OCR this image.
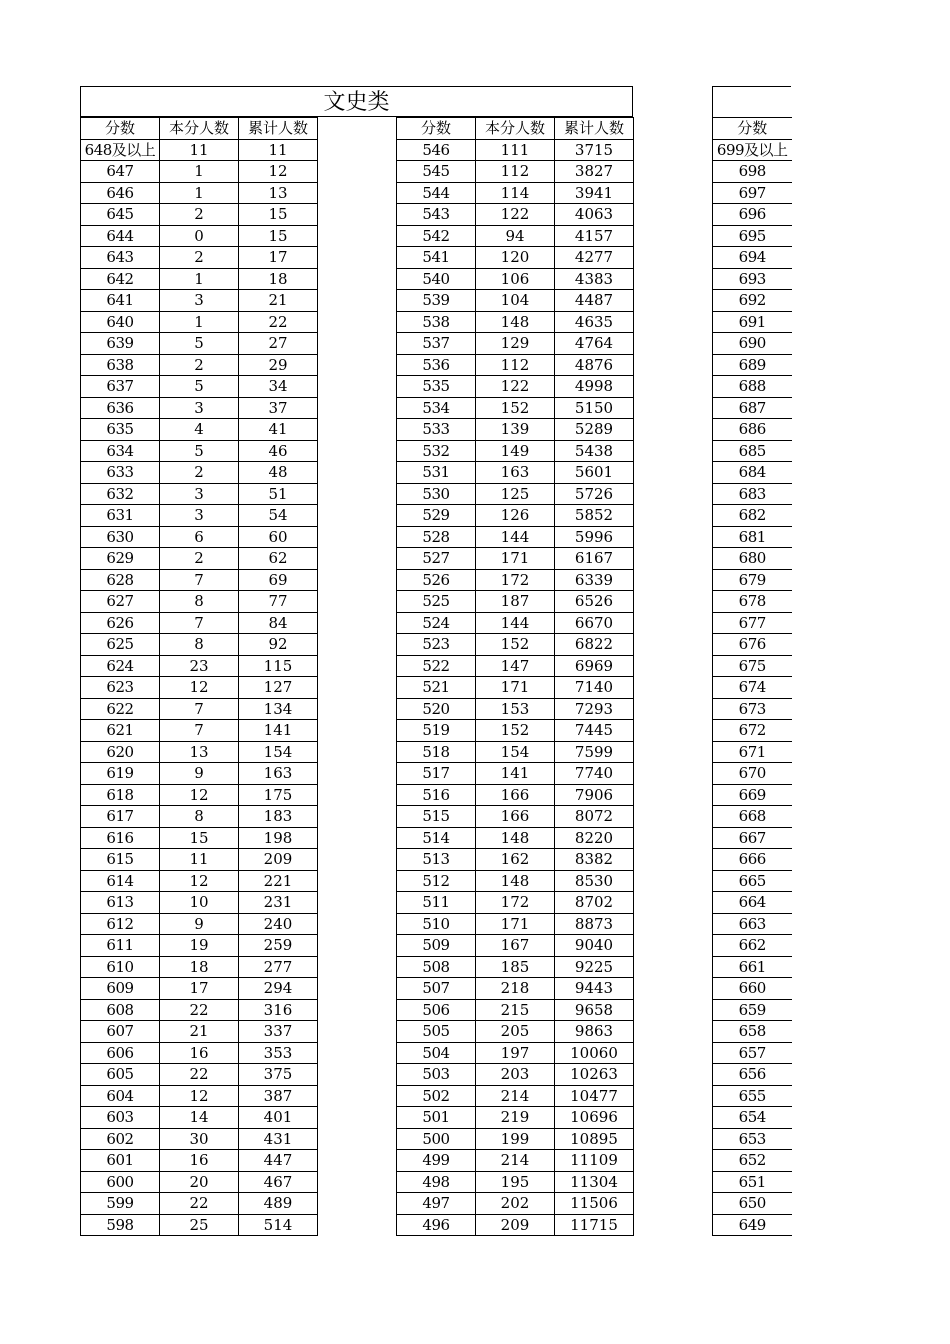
文史类
分数	本分人数	累计人数
648及以上	11	11
647	1	12
646	1	13
645	2	15
644	0	15
643	2	17
642	1	18
641	3	21
640	1	22
639	5	27
638	2	29
637	5	34
636	3	37
635	4	41
634	5	46
633	2	48
632	3	51
631	3	54
630	6	60
629	2	62
628	7	69
627	8	77
626	7	84
625	8	92
624	23	115
623	12	127
622	7	134
621	7	141
620	13	154
619	9	163
618	12	175
617	8	183
616	15	198
615	11	209
614	12	221
613	10	231
612	9	240
611	19	259
610	18	277
609	17	294
608	22	316
607	21	337
606	16	353
605	22	375
604	12	387
603	14	401
602	30	431
601	16	447
600	20	467
599	22	489
598	25	514
分数	本分人数	累计人数
546	111	3715
545	112	3827
544	114	3941
543	122	4063
542	94	4157
541	120	4277
540	106	4383
539	104	4487
538	148	4635
537	129	4764
536	112	4876
535	122	4998
534	152	5150
533	139	5289
532	149	5438
531	163	5601
530	125	5726
529	126	5852
528	144	5996
527	171	6167
526	172	6339
525	187	6526
524	144	6670
523	152	6822
522	147	6969
521	171	7140
520	153	7293
519	152	7445
518	154	7599
517	141	7740
516	166	7906
515	166	8072
514	148	8220
513	162	8382
512	148	8530
511	172	8702
510	171	8873
509	167	9040
508	185	9225
507	218	9443
506	215	9658
505	205	9863
504	197	10060
503	203	10263
502	214	10477
501	219	10696
500	199	10895
499	214	11109
498	195	11304
497	202	11506
496	209	11715
分数
699及以上
698
697
696
695
694
693
692
691
690
689
688
687
686
685
684
683
682
681
680
679
678
677
676
675
674
673
672
671
670
669
668
667
666
665
664
663
662
661
660
659
658
657
656
655
654
653
652
651
650
649
